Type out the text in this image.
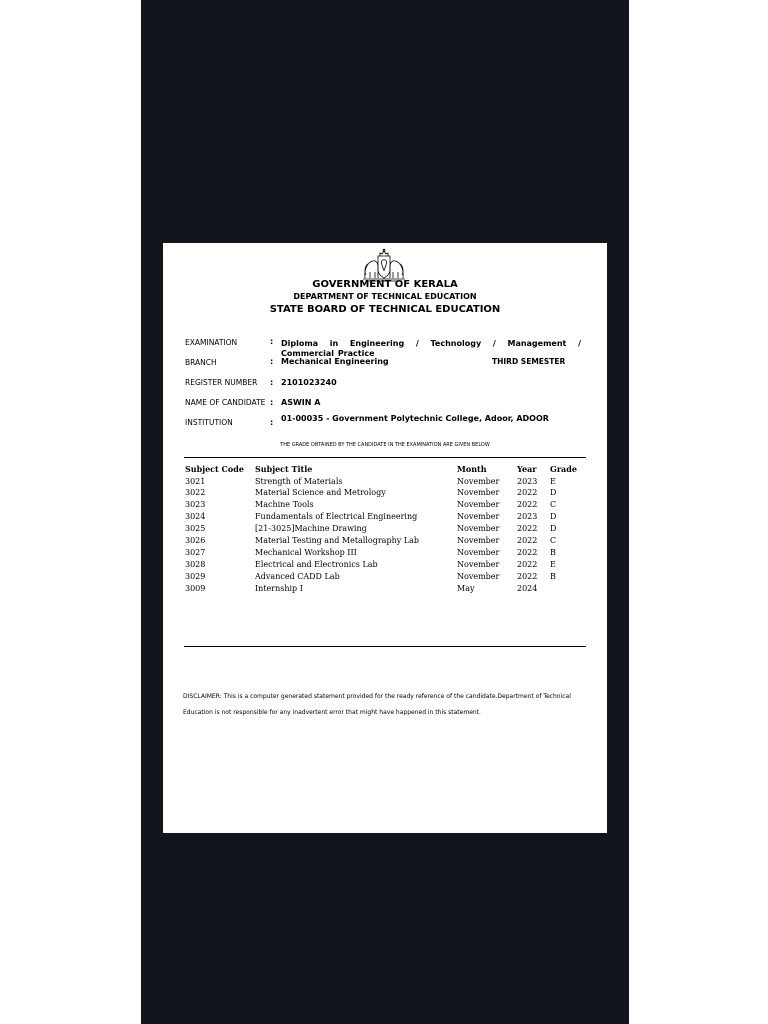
GOVERNMENT OF KERALA
DEPARTMENT OF TECHNICAL EDUCATION
STATE BOARD OF TECHNICAL EDUCATION
EXAMINATION	: Diploma in Engineering / Technology / Management / Commercial Practice
BRANCH	: Mechanical Engineering	THIRD SEMESTER
REGISTER NUMBER : 2101023240
NAME OF CANDIDATE : ASWIN A
INSTITUTION	: 01-00035 - Government Polytechnic College, Adoor, ADOOR
THE GRADE OBTAINED BY THE CANDIDATE IN THE EXAMINATION ARE GIVEN BELOW
Subject Code Subject Title	Month	Year Grade
3021	Strength of Materials	November 2023 E
3022	Material Science and Metrology	November 2022 D
3023	Machine Tools	November 2022 C
3024	Fundamentals of Electrical Engineering	November 2023 D
3025	[21-3025]Machine Drawing	November 2022 D
3026	Material Testing and Metallography Lab	November 2022 C
3027	Mechanical Workshop III	November 2022 B
3028	Electrical and Electronics Lab	November 2022 E
3029	Advanced CADD Lab	November 2022 B
3009	Internship I	May	2024
DISCLAIMER: This is a computer generated statement provided for the ready reference of the candidate.Department of Technical Education is not responsible for any inadvertent error that might have happened in this statement.
